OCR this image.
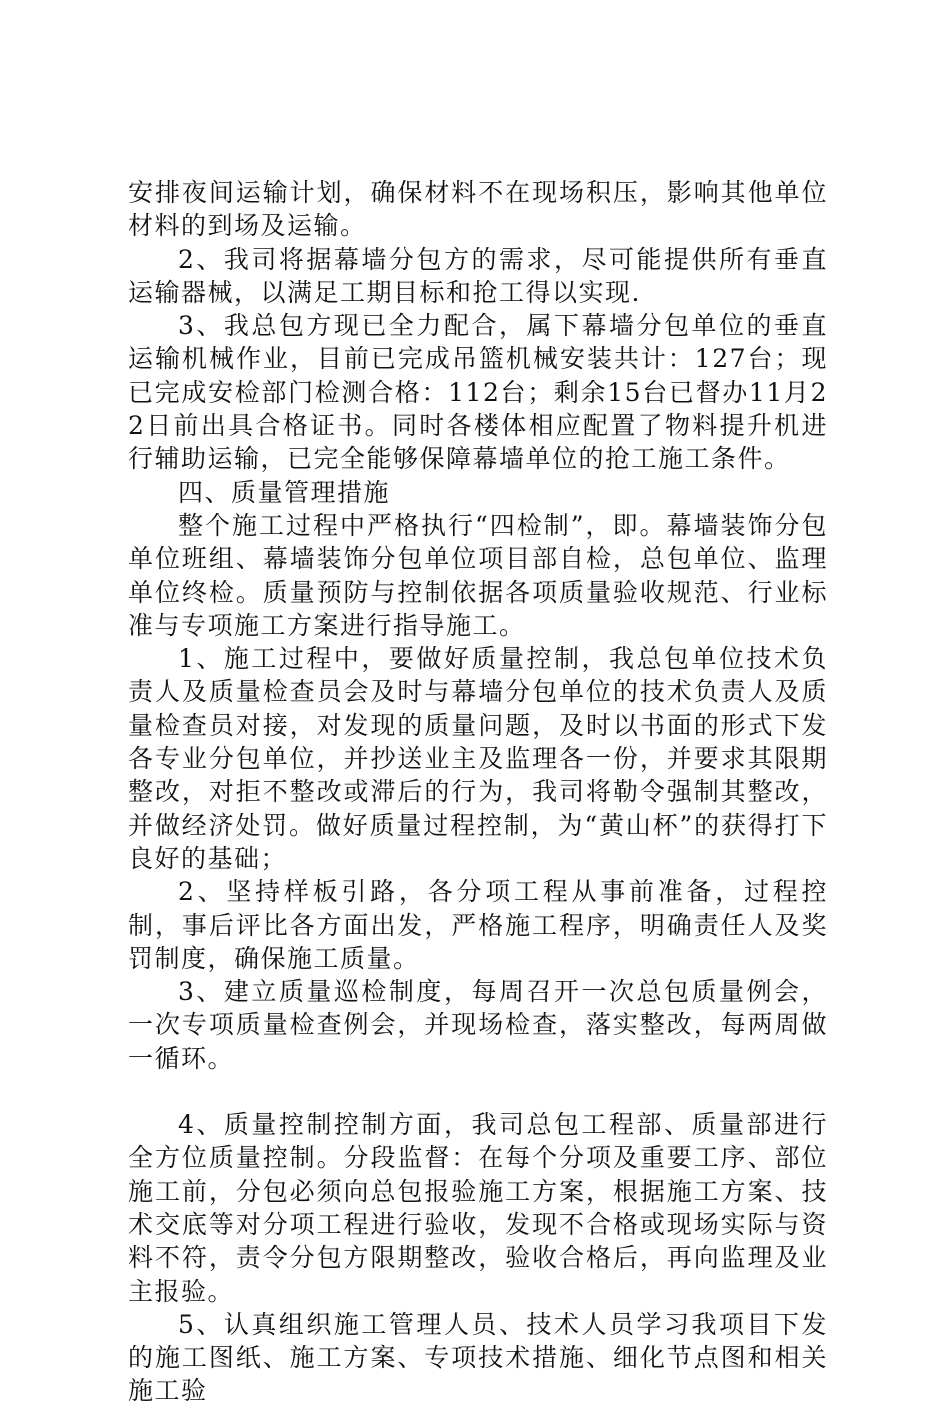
安排夜间运输计划，确保材料不在现场积压，影响其他单位材料的到场及运输。

2、我司将据幕墙分包方的需求，尽可能提供所有垂直运输器械，以满足工期目标和抢工得以实现.

3、我总包方现已全力配合，属下幕墙分包单位的垂直运输机械作业，目前已完成吊篮机械安装共计：127台；现已完成安检部门检测合格：112台；剩余15台已督办11月22日前出具合格证书。同时各楼体相应配置了物料提升机进行辅助运输，已完全能够保障幕墙单位的抢工施工条件。

四、质量管理措施

整个施工过程中严格执行“四检制”，即。幕墙装饰分包单位班组、幕墙装饰分包单位项目部自检，总包单位、监理单位终检。质量预防与控制依据各项质量验收规范、行业标准与专项施工方案进行指导施工。

1、施工过程中，要做好质量控制，我总包单位技术负责人及质量检查员会及时与幕墙分包单位的技术负责人及质量检查员对接，对发现的质量问题，及时以书面的形式下发各专业分包单位，并抄送业主及监理各一份，并要求其限期整改，对拒不整改或滞后的行为，我司将勒令强制其整改，并做经济处罚。做好质量过程控制，为“黄山杯”的获得打下良好的基础；

2、坚持样板引路，各分项工程从事前准备，过程控制，事后评比各方面出发，严格施工程序，明确责任人及奖罚制度，确保施工质量。

3、建立质量巡检制度，每周召开一次总包质量例会，一次专项质量检查例会，并现场检查，落实整改，每两周做一循环。

4、质量控制控制方面，我司总包工程部、质量部进行全方位质量控制。分段监督：在每个分项及重要工序、部位施工前，分包必须向总包报验施工方案，根据施工方案、技术交底等对分项工程进行验收，发现不合格或现场实际与资料不符，责令分包方限期整改，验收合格后，再向监理及业主报验。

5、认真组织施工管理人员、技术人员学习我项目下发的施工图纸、施工方案、专项技术措施、细化节点图和相关施工验
